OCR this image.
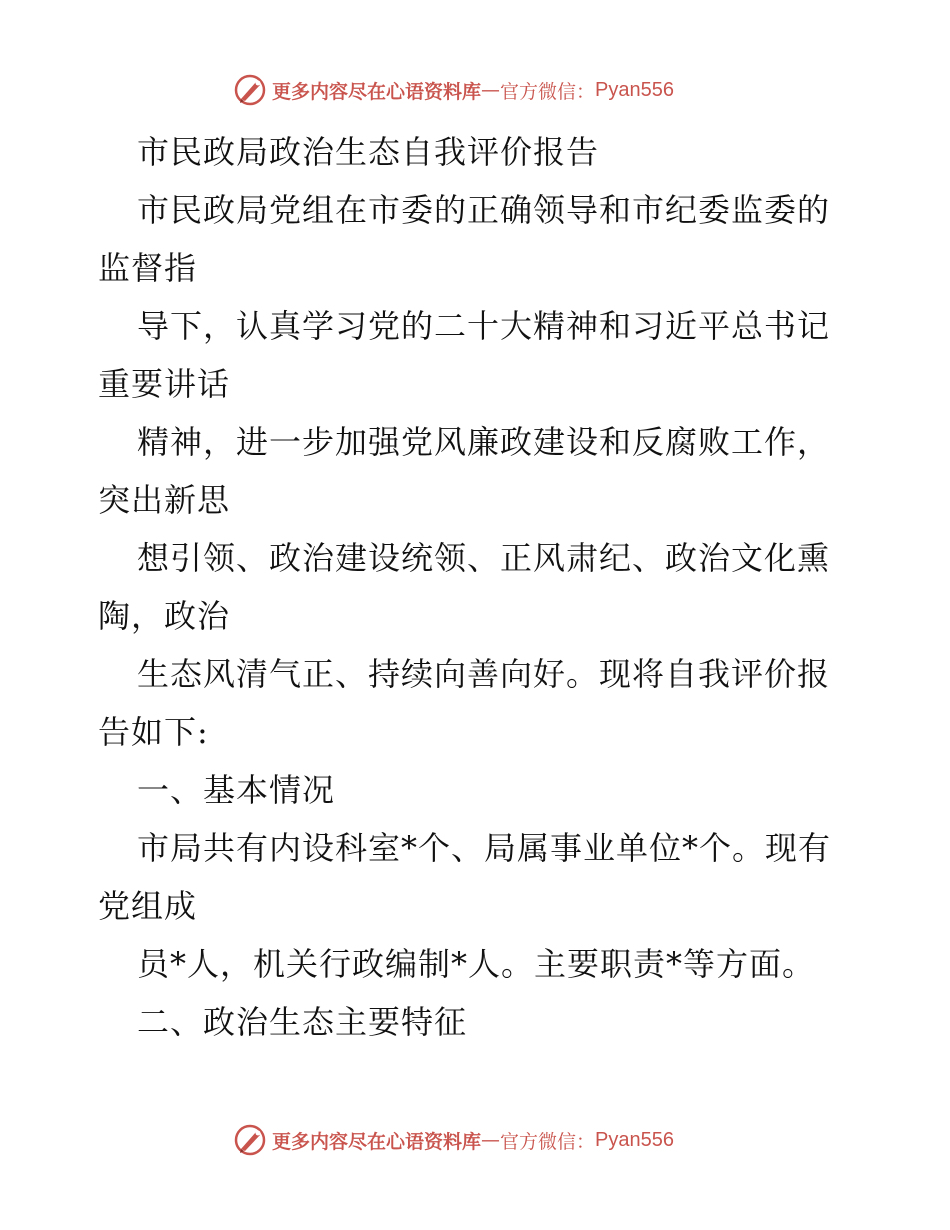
更多内容尽在心语资料库 — 官方微信： Pyan556
市民政局政治生态自我评价报告
市民政局党组在市委的正确领导和市纪委监委的
监督指
导下，认真学习党的二十大精神和习近平总书记
重要讲话
精神，进一步加强党风廉政建设和反腐败工作，
突出新思
想引领、政治建设统领、正风肃纪、政治文化熏
陶，政治
生态风清气正、持续向善向好。现将自我评价报
告如下:
一、基本情况
市局共有内设科室*个、局属事业单位*个。现有
党组成
员*人，机关行政编制*人。主要职责*等方面。
二、政治生态主要特征
更多内容尽在心语资料库 — 官方微信： Pyan556
